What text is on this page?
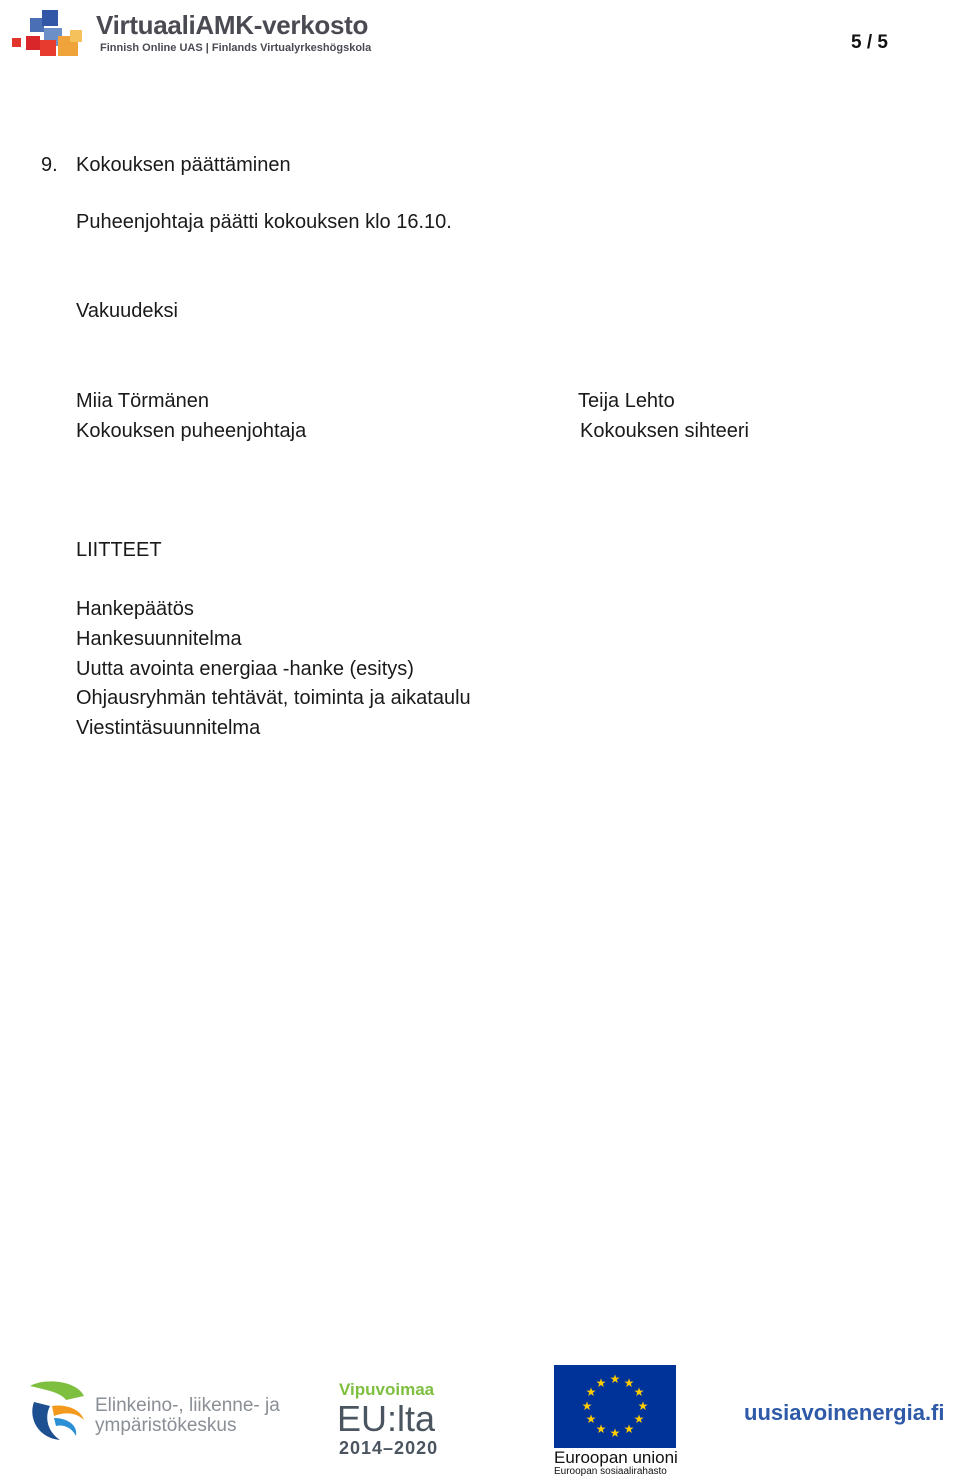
VirtuaaliAMK-verkosto
Finnish Online UAS | Finlands Virtualyrkeshögskola	5 / 5
9. Kokouksen päättäminen
Puheenjohtaja päätti kokouksen klo 16.10.
Vakuudeksi
Miia Törmänen
Kokouksen puheenjohtaja
Teija Lehto
Kokouksen sihteeri
LIITTEET
Hankepäätös
Hankesuunnitelma
Uutta avointa energiaa -hanke (esitys)
Ohjausryhmän tehtävät, toiminta ja aikataulu
Viestintäsuunnitelma
Elinkeino-, liikenne- ja
ympäristökeskus
Vipuvoimaa
EU:lta
2014–2020
★ ★
★
★
★
★
★
★
★
★
★
★
Euroopan unioni
Euroopan sosiaalirahasto
uusiavoinenergia.fi
